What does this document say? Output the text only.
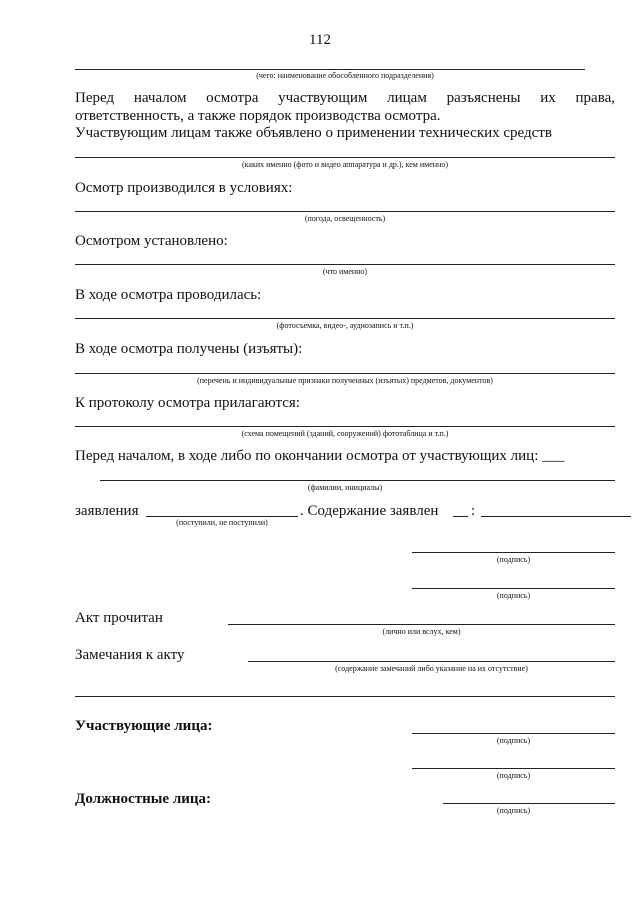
112
(чего: наименование обособленного подразделения)
Перед началом осмотра участвующим лицам разъяснены их права,
ответственность, а также порядок производства осмотра.
Участвующим лицам также объявлено о применении технических средств
(каких именно (фото и видео аппаратура и др.), кем именно)
Осмотр производился в условиях:
(погода, освещенность)
Осмотром установлено:
(что именно)
В ходе осмотра проводилась:
(фотосъемка, видео-, аудиозапись и т.п.)
В ходе осмотра получены (изъяты):
(перечень и индивидуальные признаки полученных (изъятых) предметов, документов)
К протоколу осмотра прилагаются:
(схема помещений (зданий, сооружений) фототаблица и т.п.)
Перед началом, в ходе либо по окончании осмотра от участвующих лиц: ___
(фамилии, инициалы)
заявления	. Содержание заявлен :
(поступили, не поступили)
(подпись)
(подпись)
Акт прочитан
(лично или вслух, кем)
Замечания к акту
(содержание замечаний либо указание на их отсутствие)
Участвующие лица:
(подпись)
(подпись)
Должностные лица:
(подпись)
